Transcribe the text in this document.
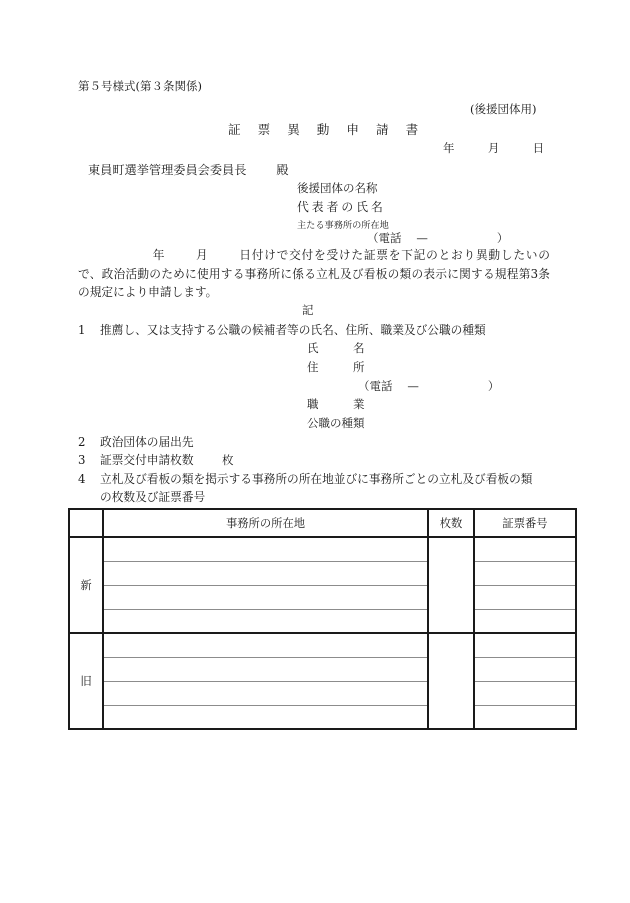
第５号様式(第３条関係)
(後援団体用)
証 票 異 動 申 請 書
年	月	日
東員町選挙管理委員会委員長 殿
後援団体の名称
代表者の氏名
主たる事務所の所在地
（電話 —	）
年	月	日付けで交付を受けた証票を下記のとおり異動したいので、政治活動のために使用する事務所に係る立札及び看板の類の表示に関する規程第3条の規定により申請します。
記
1 推薦し、又は支持する公職の候補者等の氏名、住所、職業及び公職の種類
氏　　　名
住　　　所
（電話 —	）
職　　　業
公職の種類
2 政治団体の届出先
3 証票交付申請枚数 枚
4 立札及び看板の類を掲示する事務所の所在地並びに事務所ごとの立札及び看板の類
の枚数及び証票番号
	事務所の所在地	枚数	証票番号
新			

旧			
